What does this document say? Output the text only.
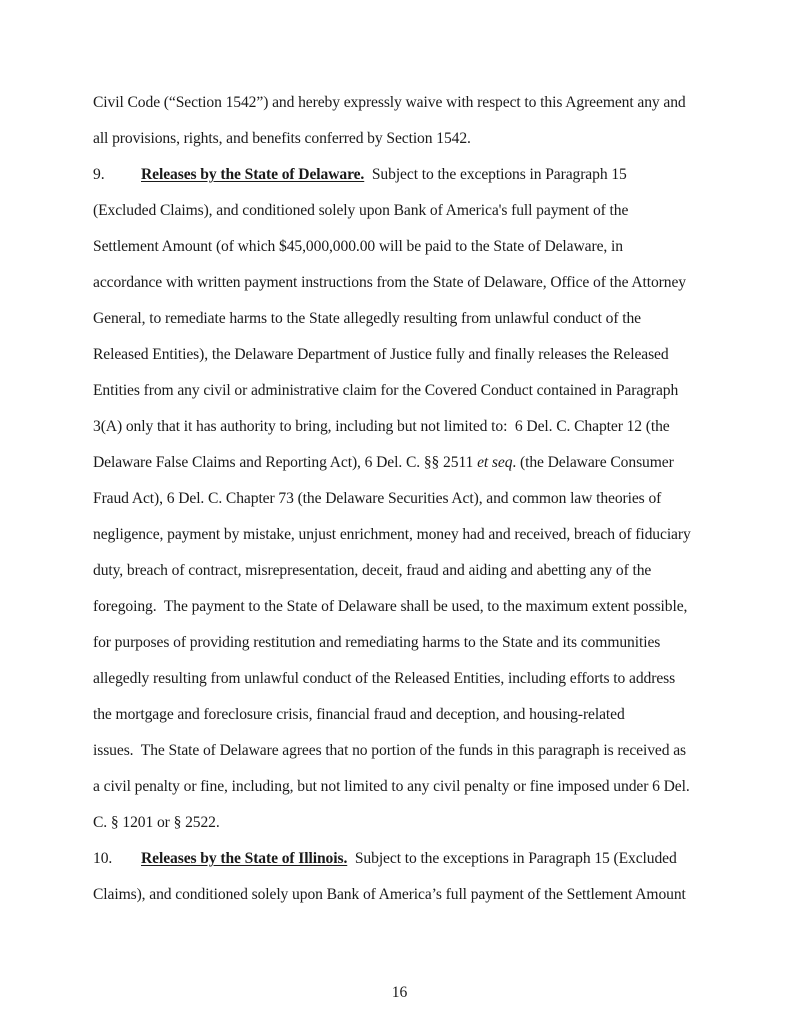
Civil Code (“Section 1542”) and hereby expressly waive with respect to this Agreement any and
all provisions, rights, and benefits conferred by Section 1542.
9. Releases by the State of Delaware.  Subject to the exceptions in Paragraph 15
(Excluded Claims), and conditioned solely upon Bank of America's full payment of the
Settlement Amount (of which $45,000,000.00 will be paid to the State of Delaware, in
accordance with written payment instructions from the State of Delaware, Office of the Attorney
General, to remediate harms to the State allegedly resulting from unlawful conduct of the
Released Entities), the Delaware Department of Justice fully and finally releases the Released
Entities from any civil or administrative claim for the Covered Conduct contained in Paragraph
3(A) only that it has authority to bring, including but not limited to:  6 Del. C. Chapter 12 (the
Delaware False Claims and Reporting Act), 6 Del. C. §§ 2511 et seq. (the Delaware Consumer
Fraud Act), 6 Del. C. Chapter 73 (the Delaware Securities Act), and common law theories of
negligence, payment by mistake, unjust enrichment, money had and received, breach of fiduciary
duty, breach of contract, misrepresentation, deceit, fraud and aiding and abetting any of the
foregoing.  The payment to the State of Delaware shall be used, to the maximum extent possible,
for purposes of providing restitution and remediating harms to the State and its communities
allegedly resulting from unlawful conduct of the Released Entities, including efforts to address
the mortgage and foreclosure crisis, financial fraud and deception, and housing-related
issues.  The State of Delaware agrees that no portion of the funds in this paragraph is received as
a civil penalty or fine, including, but not limited to any civil penalty or fine imposed under 6 Del.
C. § 1201 or § 2522.
10. Releases by the State of Illinois.  Subject to the exceptions in Paragraph 15 (Excluded
Claims), and conditioned solely upon Bank of America’s full payment of the Settlement Amount
16
